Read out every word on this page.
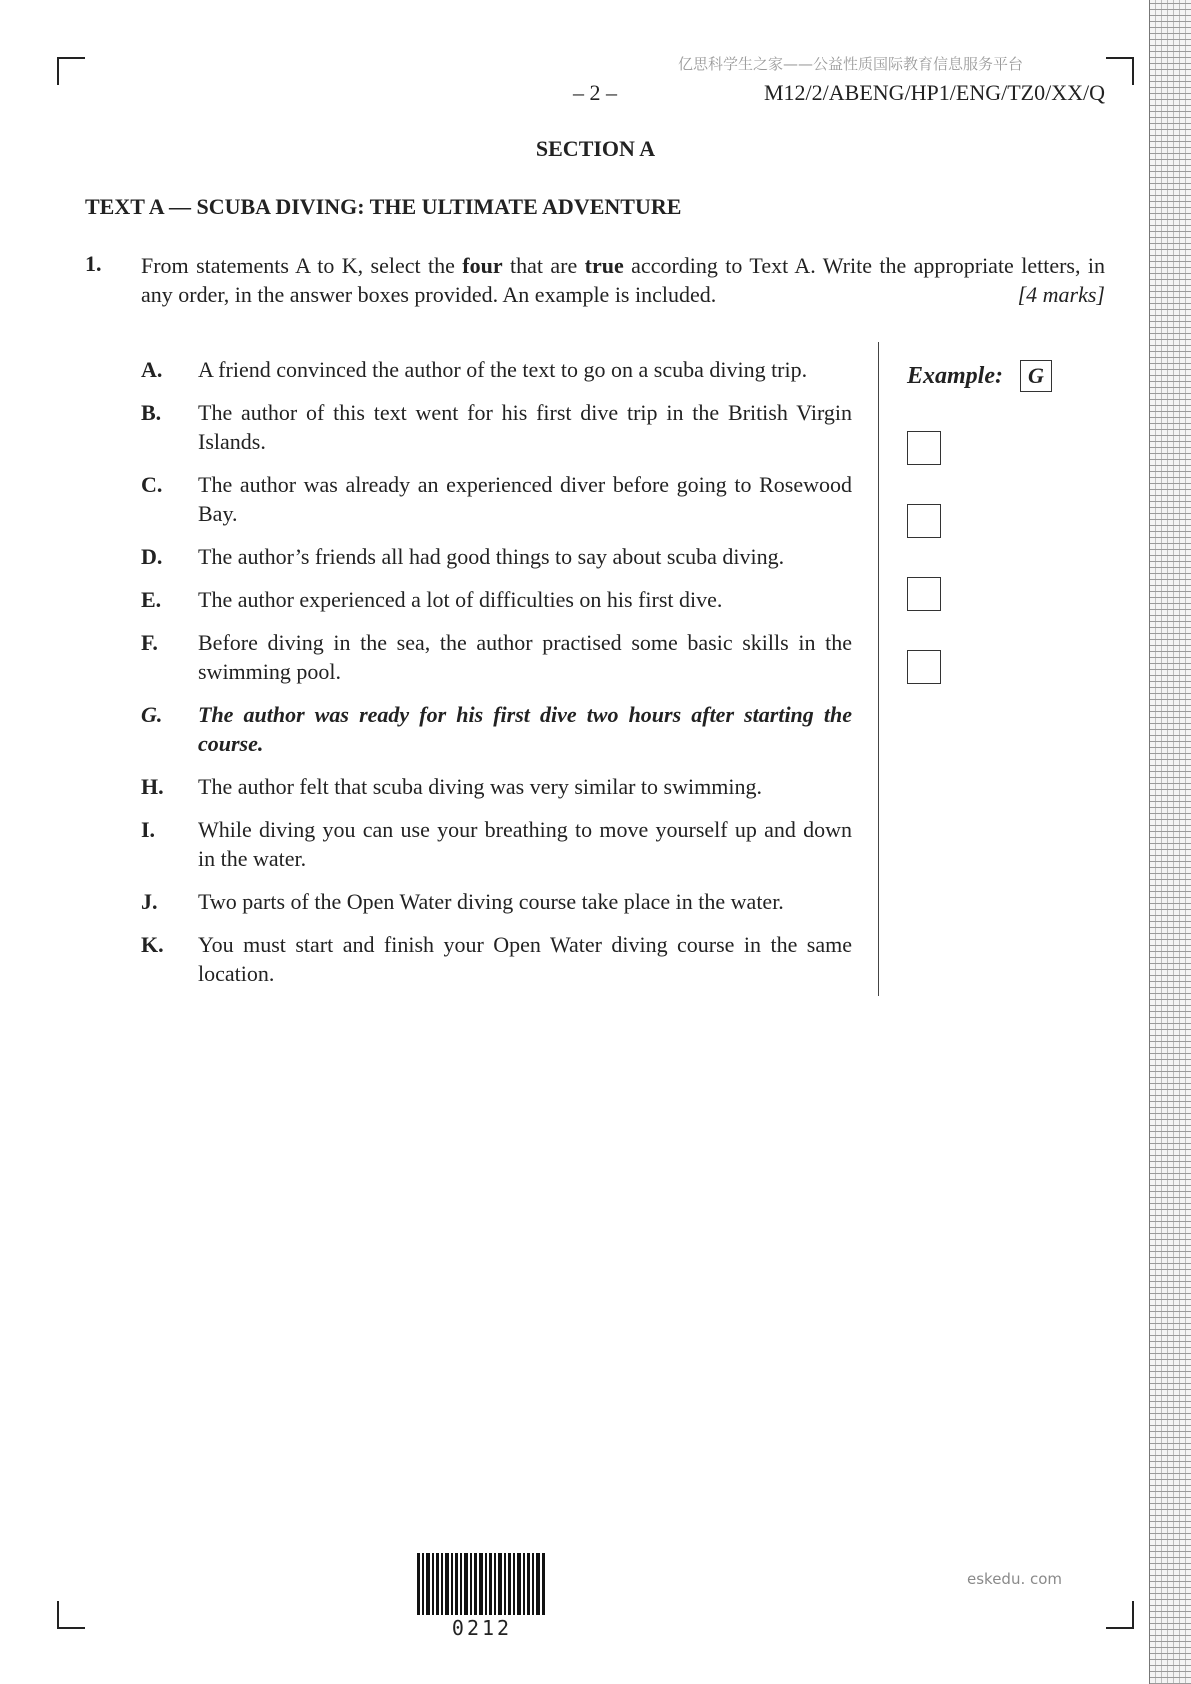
亿思科学生之家——公益性质国际教育信息服务平台
– 2 –	M12/2/ABENG/HP1/ENG/TZ0/XX/Q
SECTION A
TEXT A — SCUBA DIVING: THE ULTIMATE ADVENTURE
1. From statements A to K, select the four that are true according to Text A. Write the appropriate letters, in any order, in the answer boxes provided. An example is included.	[4 marks]
A. A friend convinced the author of the text to go on a scuba diving trip.
B. The author of this text went for his first dive trip in the British Virgin Islands.
C. The author was already an experienced diver before going to Rosewood Bay.
D. The author’s friends all had good things to say about scuba diving.
E. The author experienced a lot of difficulties on his first dive.
F. Before diving in the sea, the author practised some basic skills in the swimming pool.
G. The author was ready for his first dive two hours after starting the course.
H. The author felt that scuba diving was very similar to swimming.
I. While diving you can use your breathing to move yourself up and down in the water.
J. Two parts of the Open Water diving course take place in the water.
K. You must start and finish your Open Water diving course in the same location.
Example:	G
0212
eskedu. com
